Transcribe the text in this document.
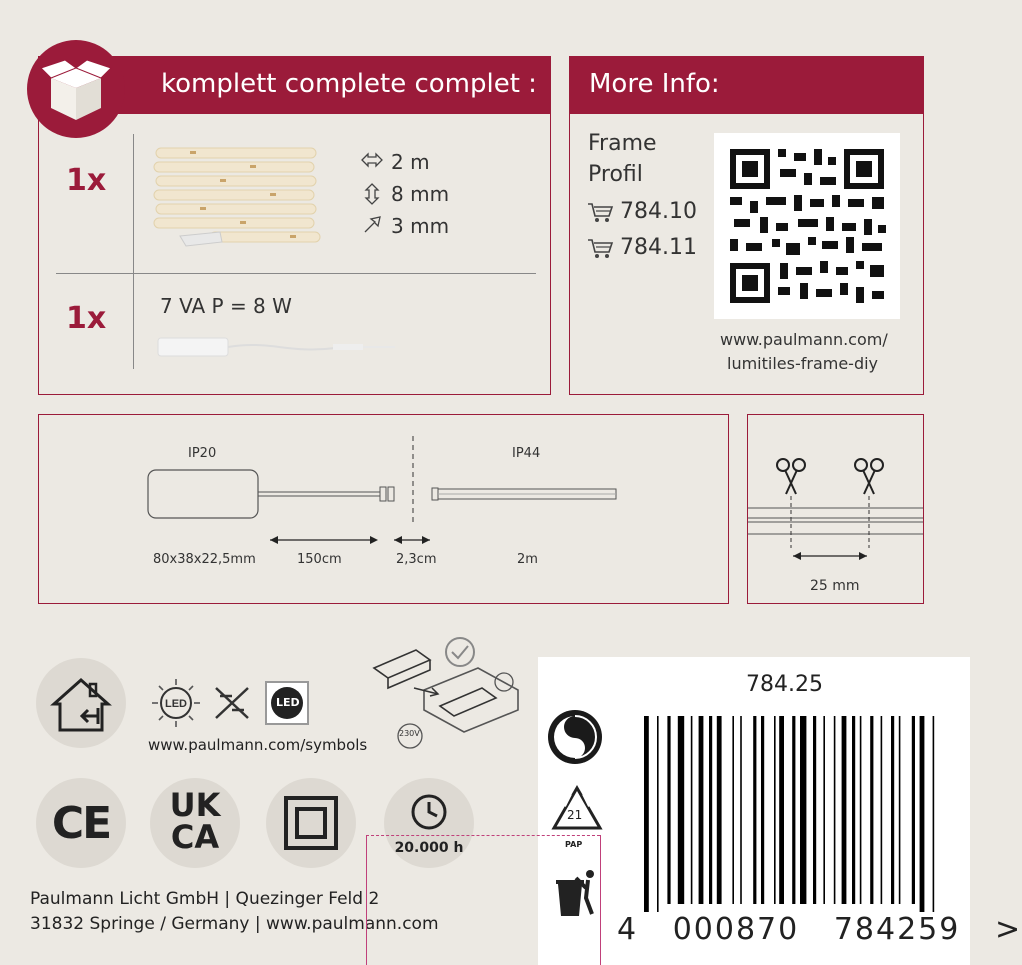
komplett complete complet :
1x
2 m
8 mm
3 mm
1x	7 VA P = 8 W
More Info:
Frame
Profil
784.10
784.11
www.paulmann.com/
lumitiles-frame-diy
IP20	IP44
80x38x22,5mm	150cm	2,3cm	2m
25 mm
LED	LED
www.paulmann.com/symbols
230V
CE	UK
CA	20.000 h
Paulmann Licht GmbH | Quezinger Feld 2
31832 Springe / Germany | www.paulmann.com
21
PAP
784.25
4   000870   784259   >
